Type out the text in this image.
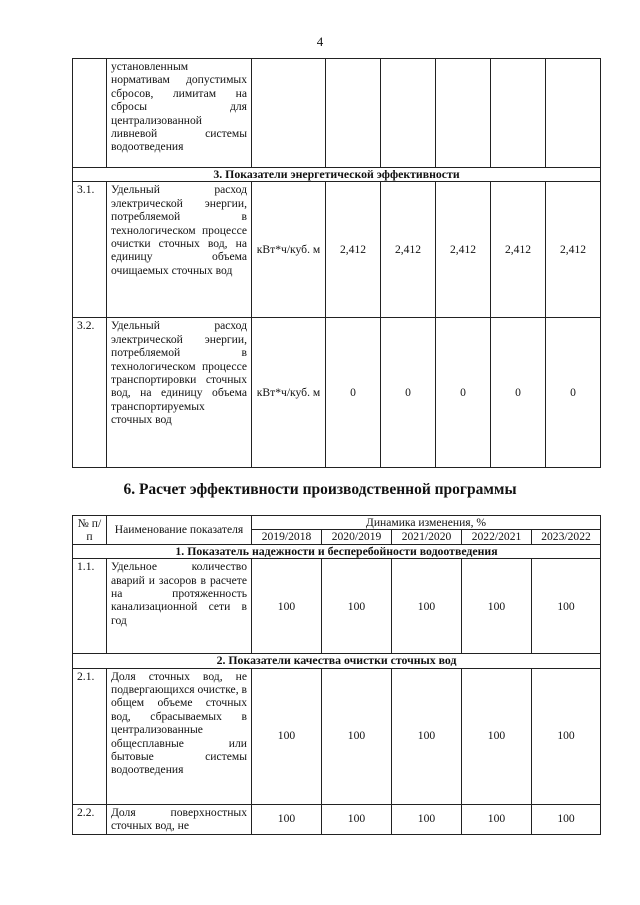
4
	установленным нормативам допустимых сбросов, лимитам на сбросы для централизованной ливневой системы водоотведения						
3. Показатели энергетической эффективности							
3.1.	Удельный расход электрической энергии, потребляемой в технологическом процессе очистки сточных вод, на единицу объема очищаемых сточных вод	кВт*ч/куб. м	2,412	2,412	2,412	2,412	2,412
3.2.	Удельный расход электрической энергии, потребляемой в технологическом процессе транспортировки сточных вод, на единицу объема транспортируемых сточных вод	кВт*ч/куб. м	0	0	0	0	0
6. Расчет эффективности производственной программы
№ п/п	Наименование показателя	Динамика изменения, %				
		2019/2018	2020/2019	2021/2020	2022/2021	2023/2022
1. Показатель надежности и бесперебойности водоотведения						
1.1.	Удельное количество аварий и засоров в расчете на протяженность канализационной сети в год	100	100	100	100	100
2. Показатели качества очистки сточных вод						
2.1.	Доля сточных вод, не подвергающихся очистке, в общем объеме сточных вод, сбрасываемых в централизованные общесплавные или бытовые системы водоотведения	100	100	100	100	100
2.2.	Доля поверхностных сточных вод, не	100	100	100	100	100
